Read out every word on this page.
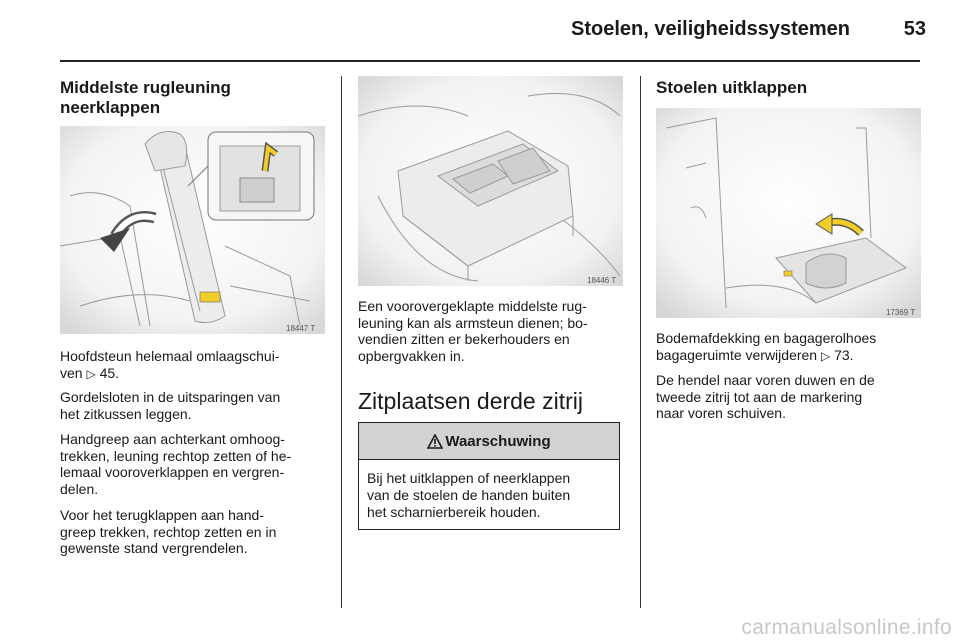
Stoelen, veiligheidssystemen	53
Middelste rugleuning
neerklappen
18447 T
Hoofdsteun helemaal omlaagschui-
ven ▷ 45.
Gordelsloten in de uitsparingen van
het zitkussen leggen.
Handgreep aan achterkant omhoog-
trekken, leuning rechtop zetten of he-
lemaal vooroverklappen en vergren-
delen.
Voor het terugklappen aan hand-
greep trekken, rechtop zetten en in
gewenste stand vergrendelen.
18446 T
Een voorovergeklapte middelste rug-
leuning kan als armsteun dienen; bo-
vendien zitten er bekerhouders en
opbergvakken in.
Zitplaatsen derde zitrij
Waarschuwing
Bij het uitklappen of neerklappen
van de stoelen de handen buiten
het scharnierbereik houden.
Stoelen uitklappen
17369 T
Bodemafdekking en bagagerolhoes
bagageruimte verwijderen ▷ 73.
De hendel naar voren duwen en de
tweede zitrij tot aan de markering
naar voren schuiven.
carmanualsonline.info
